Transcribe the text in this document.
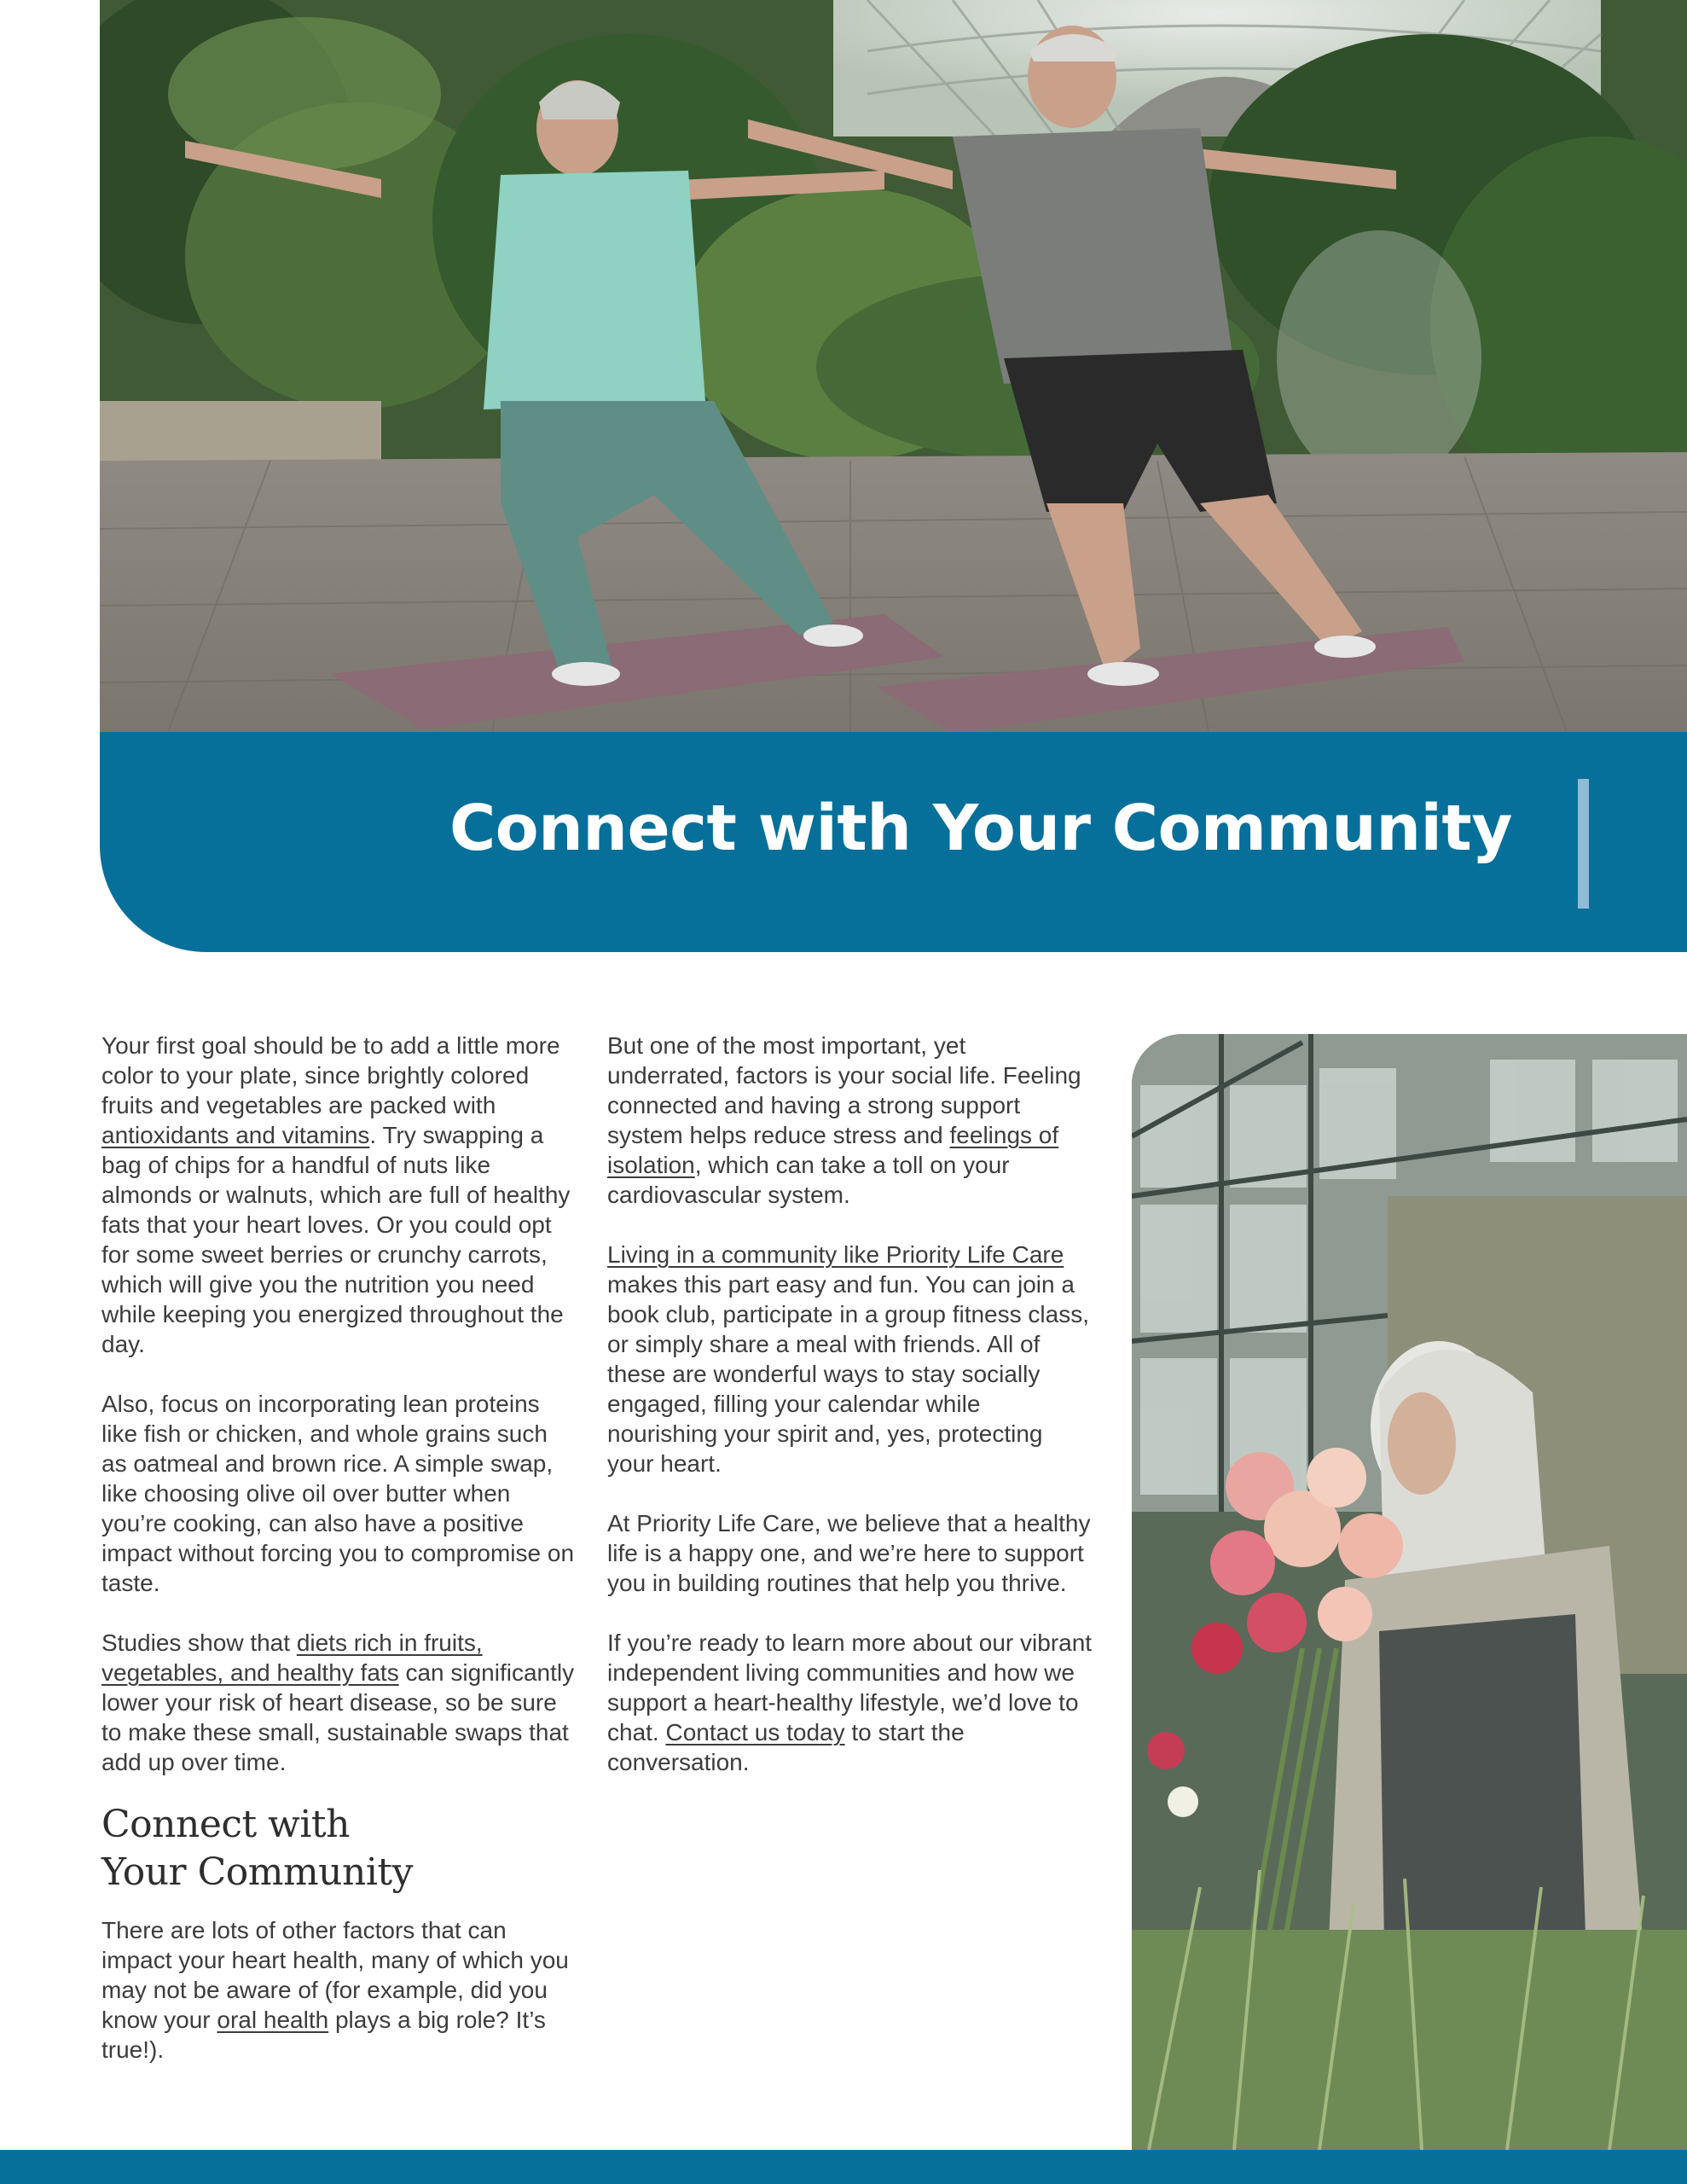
Connect with Your Community

Your first goal should be to add a little more color to your plate, since brightly colored fruits and vegetables are packed with antioxidants and vitamins. Try swapping a bag of chips for a handful of nuts like almonds or walnuts, which are full of healthy fats that your heart loves. Or you could opt for some sweet berries or crunchy carrots, which will give you the nutrition you need while keeping you energized throughout the day.

Also, focus on incorporating lean proteins like fish or chicken, and whole grains such as oatmeal and brown rice. A simple swap, like choosing olive oil over butter when you’re cooking, can also have a positive impact without forcing you to compromise on taste.

Studies show that diets rich in fruits, vegetables, and healthy fats can significantly lower your risk of heart disease, so be sure to make these small, sustainable swaps that add up over time.

Connect with
Your Community

There are lots of other factors that can impact your heart health, many of which you may not be aware of (for example, did you know your oral health plays a big role? It’s true!).

But one of the most important, yet underrated, factors is your social life. Feeling connected and having a strong support system helps reduce stress and feelings of isolation, which can take a toll on your cardiovascular system.

Living in a community like Priority Life Care makes this part easy and fun. You can join a book club, participate in a group fitness class, or simply share a meal with friends. All of these are wonderful ways to stay socially engaged, filling your calendar while nourishing your spirit and, yes, protecting your heart.

At Priority Life Care, we believe that a healthy life is a happy one, and we’re here to support you in building routines that help you thrive.

If you’re ready to learn more about our vibrant independent living communities and how we support a heart-healthy lifestyle, we’d love to chat. Contact us today to start the conversation.
